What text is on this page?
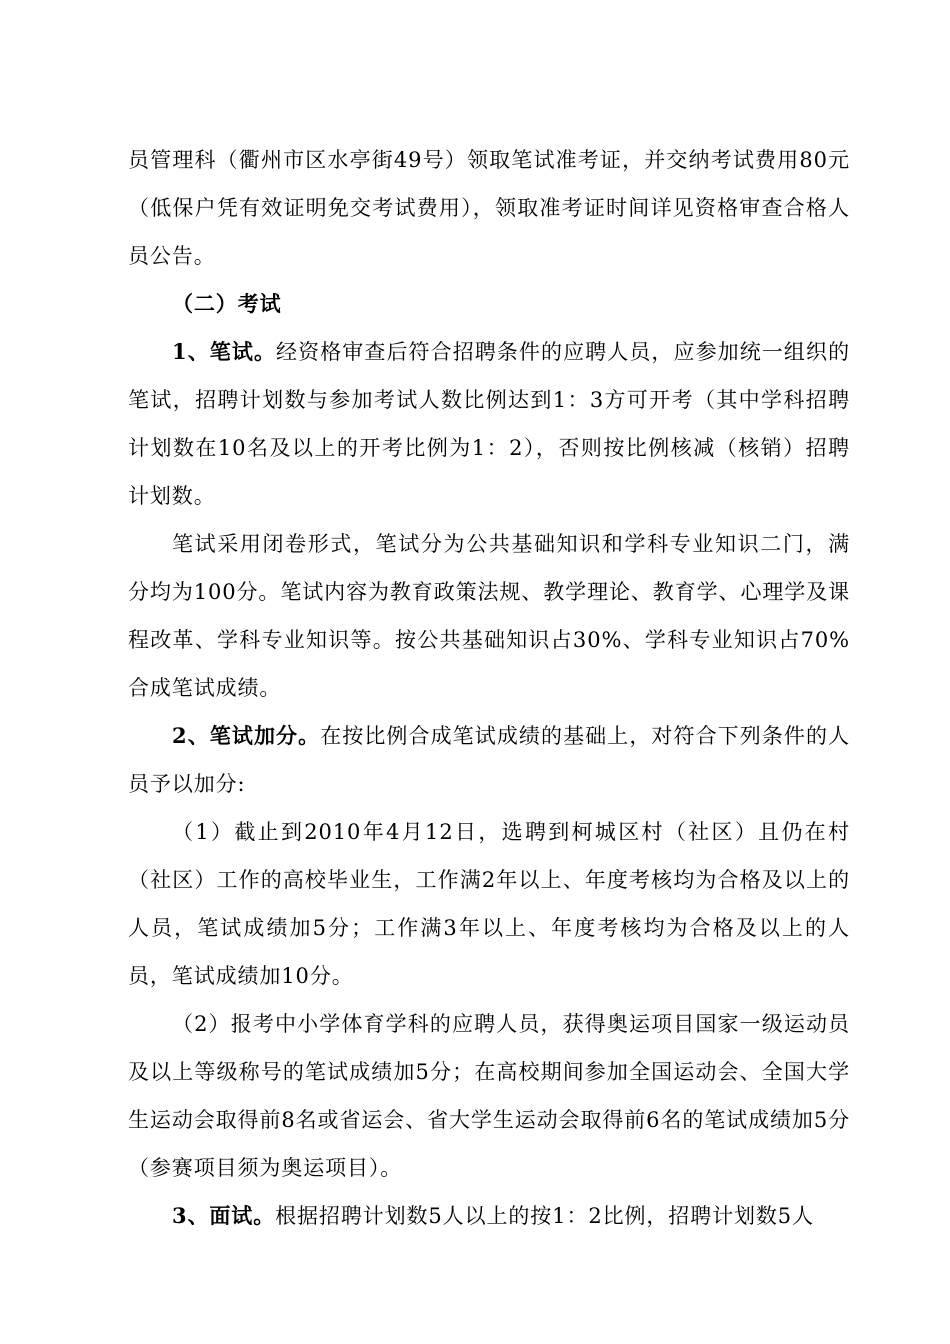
员管理科（衢州市区水亭街49号）领取笔试准考证，并交纳考试费用80元（低保户凭有效证明免交考试费用），领取准考证时间详见资格审查合格人员公告。

（二）考试

1、笔试。经资格审查后符合招聘条件的应聘人员，应参加统一组织的笔试，招聘计划数与参加考试人数比例达到1：3方可开考（其中学科招聘计划数在10名及以上的开考比例为1：2），否则按比例核减（核销）招聘计划数。

笔试采用闭卷形式，笔试分为公共基础知识和学科专业知识二门，满分均为100分。笔试内容为教育政策法规、教学理论、教育学、心理学及课程改革、学科专业知识等。按公共基础知识占30%、学科专业知识占70%合成笔试成绩。

2、笔试加分。在按比例合成笔试成绩的基础上，对符合下列条件的人员予以加分:

（1）截止到2010年4月12日，选聘到柯城区村（社区）且仍在村（社区）工作的高校毕业生，工作满2年以上、年度考核均为合格及以上的人员，笔试成绩加5分；工作满3年以上、年度考核均为合格及以上的人员，笔试成绩加10分。

（2）报考中小学体育学科的应聘人员，获得奥运项目国家一级运动员及以上等级称号的笔试成绩加5分；在高校期间参加全国运动会、全国大学生运动会取得前8名或省运会、省大学生运动会取得前6名的笔试成绩加5分（参赛项目须为奥运项目）。

3、面试。根据招聘计划数5人以上的按1：2比例，招聘计划数5人
